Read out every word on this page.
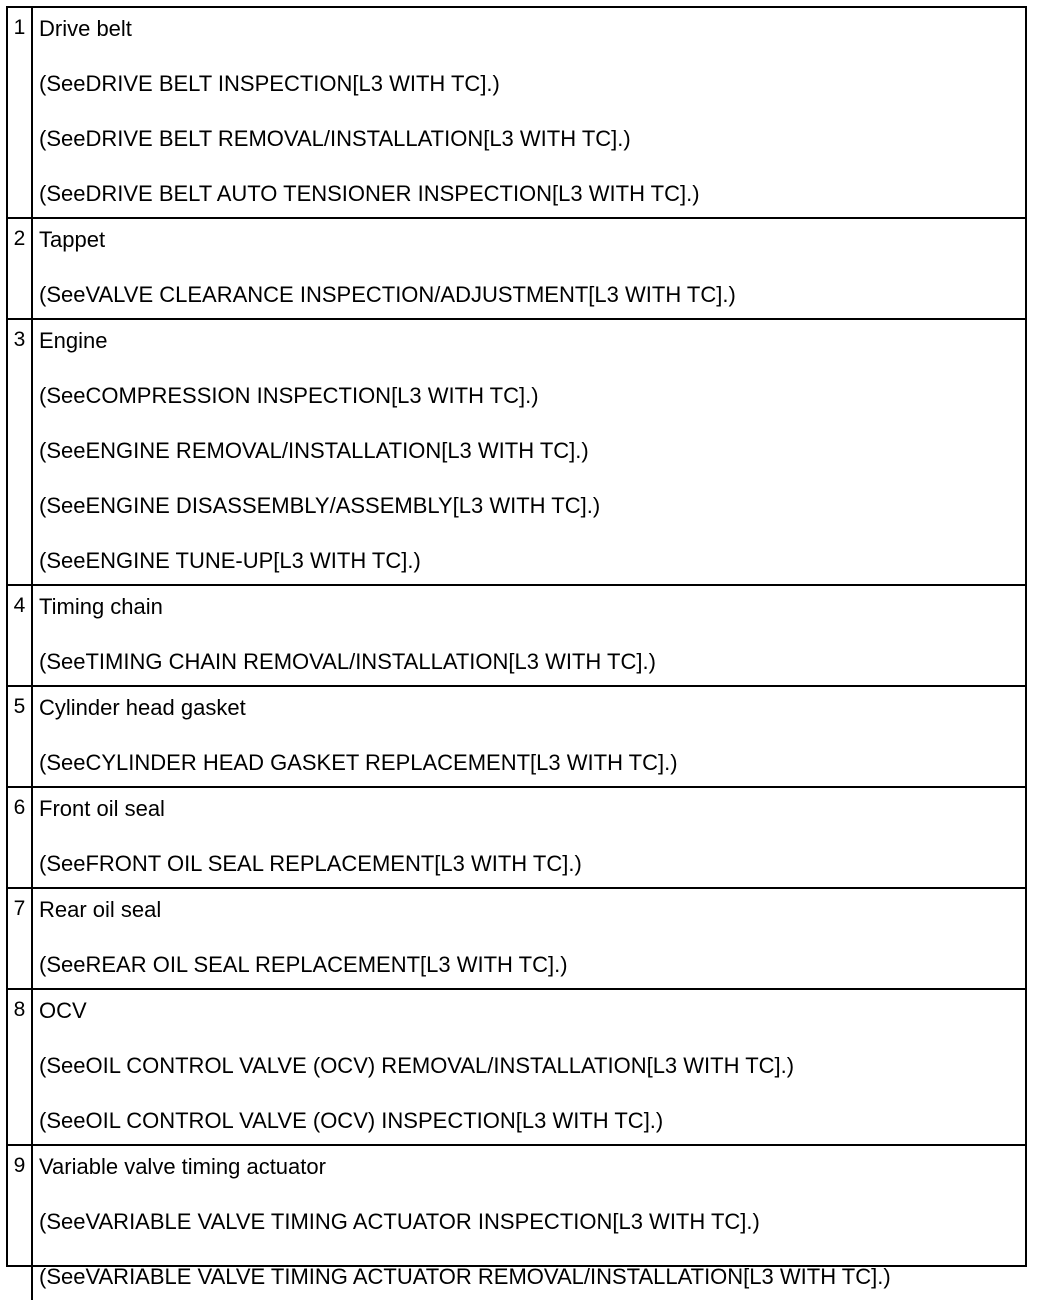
1 Drive belt
(SeeDRIVE BELT INSPECTION[L3 WITH TC].)
(SeeDRIVE BELT REMOVAL/INSTALLATION[L3 WITH TC].)
(SeeDRIVE BELT AUTO TENSIONER INSPECTION[L3 WITH TC].)
2 Tappet
(SeeVALVE CLEARANCE INSPECTION/ADJUSTMENT[L3 WITH TC].)
3 Engine
(SeeCOMPRESSION INSPECTION[L3 WITH TC].)
(SeeENGINE REMOVAL/INSTALLATION[L3 WITH TC].)
(SeeENGINE DISASSEMBLY/ASSEMBLY[L3 WITH TC].)
(SeeENGINE TUNE-UP[L3 WITH TC].)
4 Timing chain
(SeeTIMING CHAIN REMOVAL/INSTALLATION[L3 WITH TC].)
5 Cylinder head gasket
(SeeCYLINDER HEAD GASKET REPLACEMENT[L3 WITH TC].)
6 Front oil seal
(SeeFRONT OIL SEAL REPLACEMENT[L3 WITH TC].)
7 Rear oil seal
(SeeREAR OIL SEAL REPLACEMENT[L3 WITH TC].)
8 OCV
(SeeOIL CONTROL VALVE (OCV) REMOVAL/INSTALLATION[L3 WITH TC].)
(SeeOIL CONTROL VALVE (OCV) INSPECTION[L3 WITH TC].)
9 Variable valve timing actuator
(SeeVARIABLE VALVE TIMING ACTUATOR INSPECTION[L3 WITH TC].)
(SeeVARIABLE VALVE TIMING ACTUATOR REMOVAL/INSTALLATION[L3 WITH TC].)
